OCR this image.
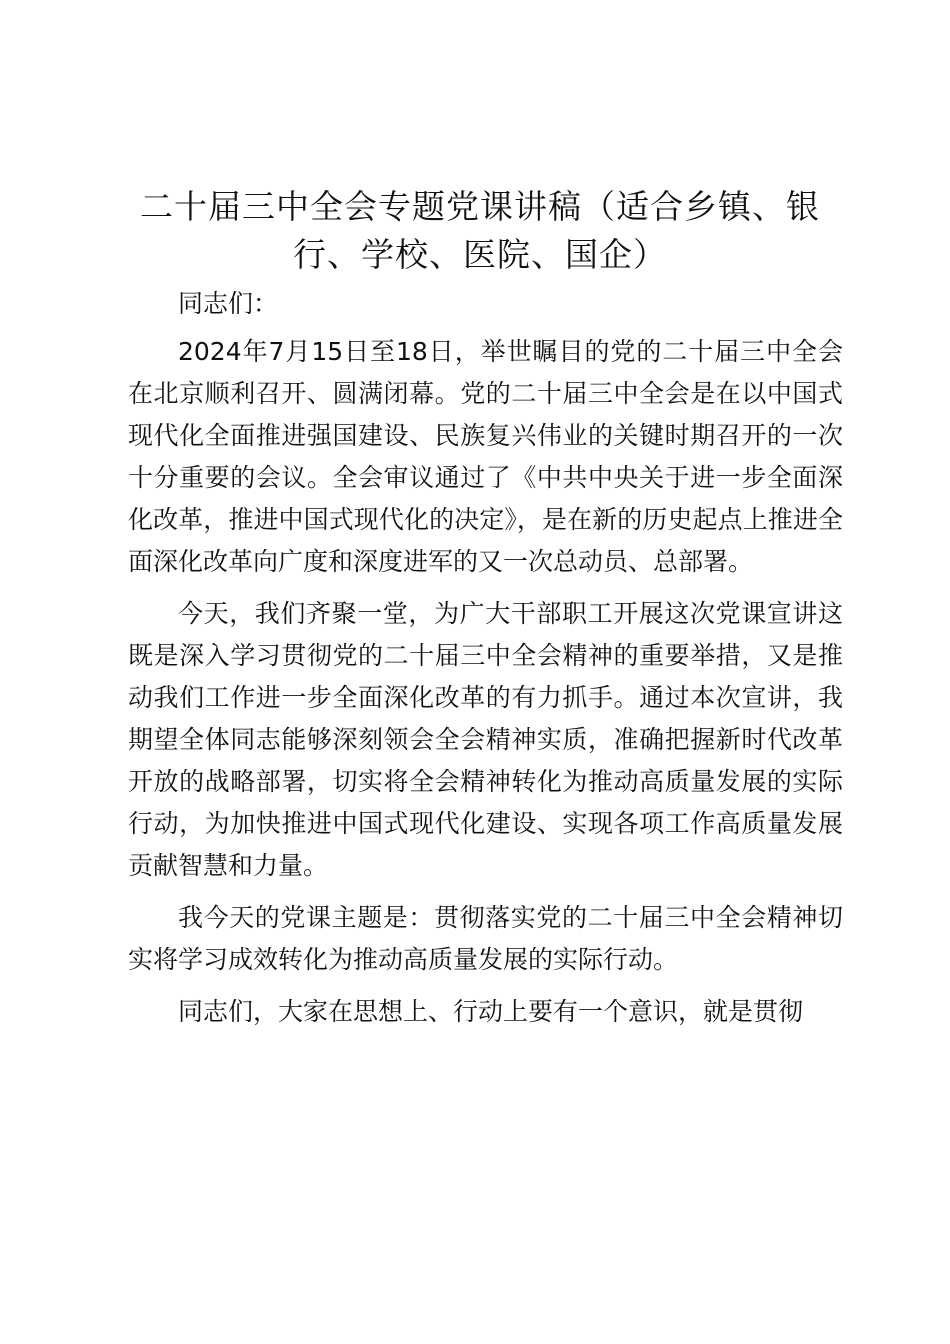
二十届三中全会专题党课讲稿（适合乡镇、银行、学校、医院、国企）

同志们：

2024年7月15日至18日，举世瞩目的党的二十届三中全会在北京顺利召开、圆满闭幕。党的二十届三中全会是在以中国式现代化全面推进强国建设、民族复兴伟业的关键时期召开的一次十分重要的会议。全会审议通过了《中共中央关于进一步全面深化改革，推进中国式现代化的决定》，是在新的历史起点上推进全面深化改革向广度和深度进军的又一次总动员、总部署。

今天，我们齐聚一堂，为广大干部职工开展这次党课宣讲这既是深入学习贯彻党的二十届三中全会精神的重要举措，又是推动我们工作进一步全面深化改革的有力抓手。通过本次宣讲，我期望全体同志能够深刻领会全会精神实质，准确把握新时代改革开放的战略部署，切实将全会精神转化为推动高质量发展的实际行动，为加快推进中国式现代化建设、实现各项工作高质量发展贡献智慧和力量。

我今天的党课主题是：贯彻落实党的二十届三中全会精神切实将学习成效转化为推动高质量发展的实际行动。

同志们，大家在思想上、行动上要有一个意识，就是贯彻
